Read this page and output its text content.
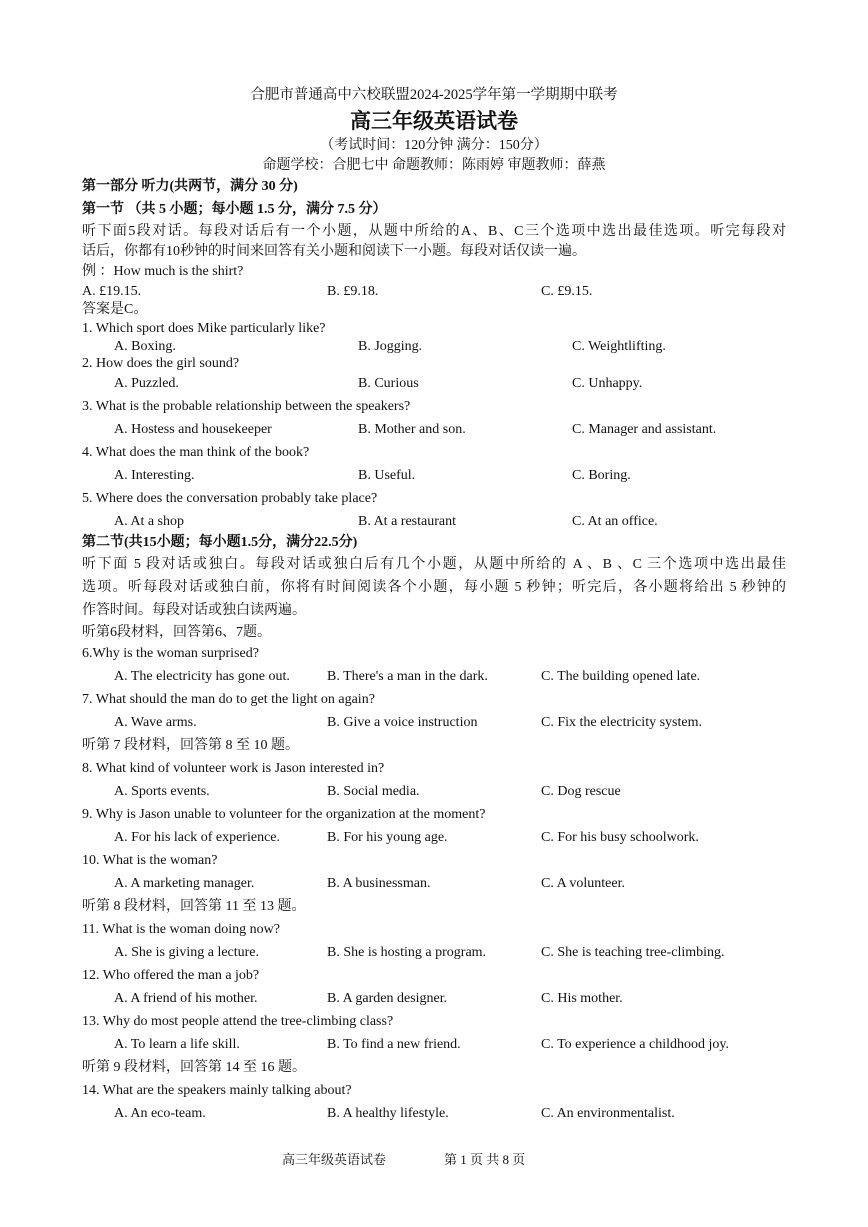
合肥市普通高中六校联盟2024-2025学年第一学期期中联考
高三年级英语试卷
（考试时间：120分钟 满分：150分）
命题学校：合肥七中 命题教师：陈雨婷 审题教师：薛燕
第一部分 听力(共两节，满分 30 分)
第一节 （共 5 小题；每小题 1.5 分，满分 7.5 分）
听下面5段对话。每段对话后有一个小题，从题中所给的A、B、C三个选项中选出最佳选项。听完每段对
话后，你都有10秒钟的时间来回答有关小题和阅读下一小题。每段对话仅读一遍。
例 ：How much is the shirt?
A. £19.15.	B. £9.18.	C. £9.15.
答案是C。
1. Which sport does Mike particularly like?
A. Boxing.	B. Jogging.	C. Weightlifting.
2. How does the girl sound?
A. Puzzled.	B. Curious	C. Unhappy.
3. What is the probable relationship between the speakers?
A. Hostess and housekeeper	B. Mother and son.	C. Manager and assistant.
4. What does the man think of the book?
A. Interesting.	B. Useful.	C. Boring.
5. Where does the conversation probably take place?
A. At a shop	B. At a restaurant	C. At an office.
第二节(共15小题；每小题1.5分，满分22.5分)
听下面 5 段对话或独白。每段对话或独白后有几个小题，从题中所给的 A 、B 、C 三个选项中选出最佳
选项。听每段对话或独白前，你将有时间阅读各个小题，每小题 5 秒钟；听完后，各小题将给出 5 秒钟的
作答时间。每段对话或独白读两遍。
听第6段材料，回答第6、7题。
6.Why is the woman surprised?
A. The electricity has gone out.	B. There's a man in the dark.	C. The building opened late.
7. What should the man do to get the light on again?
A. Wave arms.	B. Give a voice instruction	C. Fix the electricity system.
听第 7 段材料，回答第 8 至 10 题。
8. What kind of volunteer work is Jason interested in?
A. Sports events.	B. Social media.	C. Dog rescue
9. Why is Jason unable to volunteer for the organization at the moment?
A. For his lack of experience.	B. For his young age.	C. For his busy schoolwork.
10. What is the woman?
A. A marketing manager.	B. A businessman.	C. A volunteer.
听第 8 段材料，回答第 11 至 13 题。
11. What is the woman doing now?
A. She is giving a lecture.	B. She is hosting a program.	C. She is teaching tree-climbing.
12. Who offered the man a job?
A. A friend of his mother.	B. A garden designer.	C. His mother.
13. Why do most people attend the tree-climbing class?
A. To learn a life skill.	B. To find a new friend.	C. To experience a childhood joy.
听第 9 段材料，回答第 14 至 16 题。
14. What are the speakers mainly talking about?
A. An eco-team.	B. A healthy lifestyle.	C. An environmentalist.
高三年级英语试卷	第 1 页 共 8 页
